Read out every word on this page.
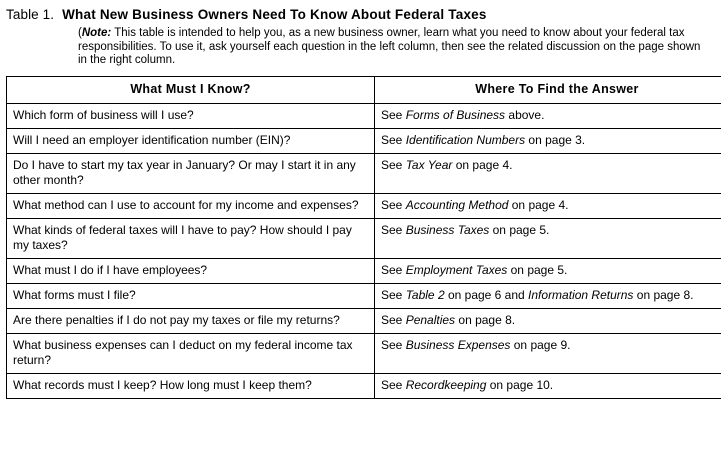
Table 1. What New Business Owners Need To Know About Federal Taxes
(Note: This table is intended to help you, as a new business owner, learn what you need to know about your federal tax responsibilities. To use it, ask yourself each question in the left column, then see the related discussion on the page shown in the right column.
What Must I Know?	Where To Find the Answer
Which form of business will I use?	See Forms of Business above.
Will I need an employer identification number (EIN)?	See Identification Numbers on page 3.
Do I have to start my tax year in January? Or may I start it in any other month?	See Tax Year on page 4.
What method can I use to account for my income and expenses?	See Accounting Method on page 4.
What kinds of federal taxes will I have to pay? How should I pay my taxes?	See Business Taxes on page 5.
What must I do if I have employees?	See Employment Taxes on page 5.
What forms must I file?	See Table 2 on page 6 and Information Returns on page 8.
Are there penalties if I do not pay my taxes or file my returns?	See Penalties on page 8.
What business expenses can I deduct on my federal income tax return?	See Business Expenses on page 9.
What records must I keep? How long must I keep them?	See Recordkeeping on page 10.
